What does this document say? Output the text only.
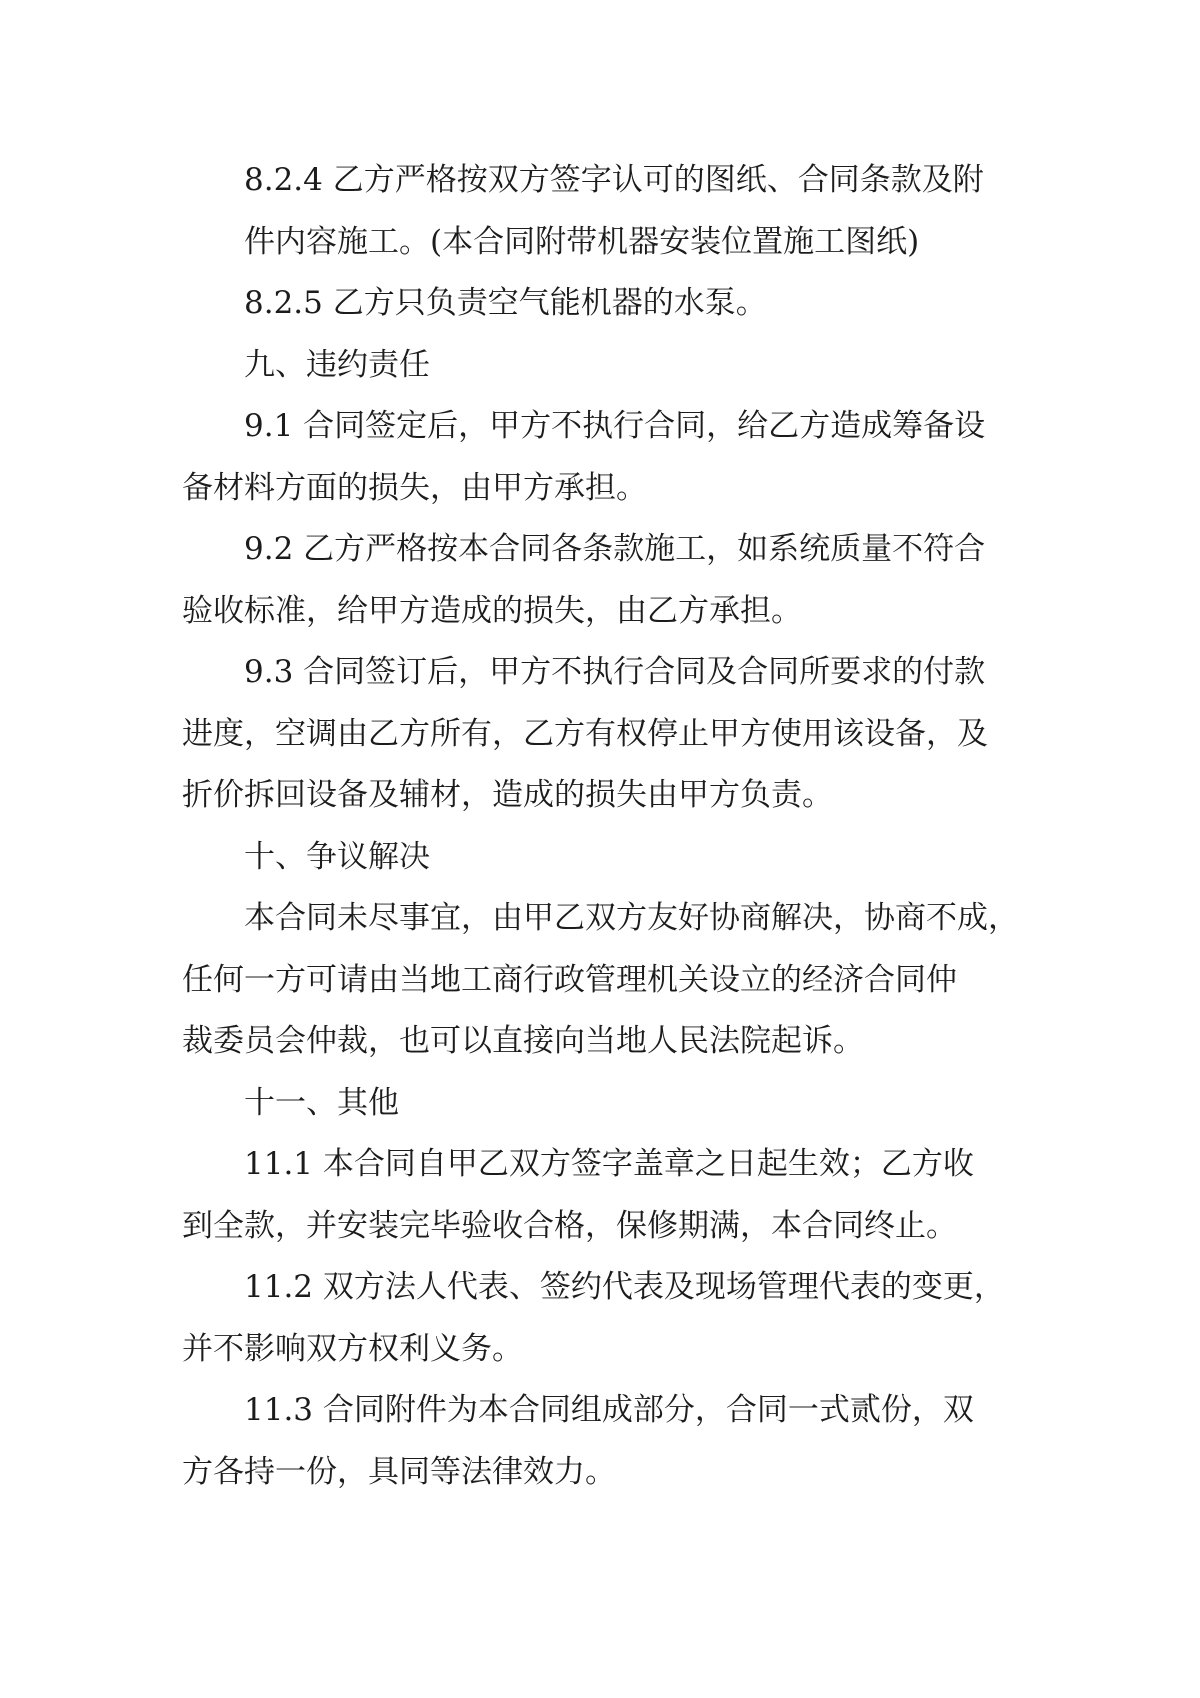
8.2.4 乙方严格按双方签字认可的图纸、合同条款及附
件内容施工。(本合同附带机器安装位置施工图纸)

8.2.5 乙方只负责空气能机器的水泵。

九、违约责任

9.1 合同签定后，甲方不执行合同，给乙方造成筹备设
备材料方面的损失，由甲方承担。

9.2 乙方严格按本合同各条款施工，如系统质量不符合
验收标准，给甲方造成的损失，由乙方承担。

9.3 合同签订后，甲方不执行合同及合同所要求的付款
进度，空调由乙方所有，乙方有权停止甲方使用该设备，及
折价拆回设备及辅材，造成的损失由甲方负责。

十、争议解决

本合同未尽事宜，由甲乙双方友好协商解决，协商不成，
任何一方可请由当地工商行政管理机关设立的经济合同仲
裁委员会仲裁，也可以直接向当地人民法院起诉。

十一、其他

11.1 本合同自甲乙双方签字盖章之日起生效；乙方收
到全款，并安装完毕验收合格，保修期满，本合同终止。

11.2 双方法人代表、签约代表及现场管理代表的变更，
并不影响双方权利义务。

11.3 合同附件为本合同组成部分，合同一式贰份，双
方各持一份，具同等法律效力。
